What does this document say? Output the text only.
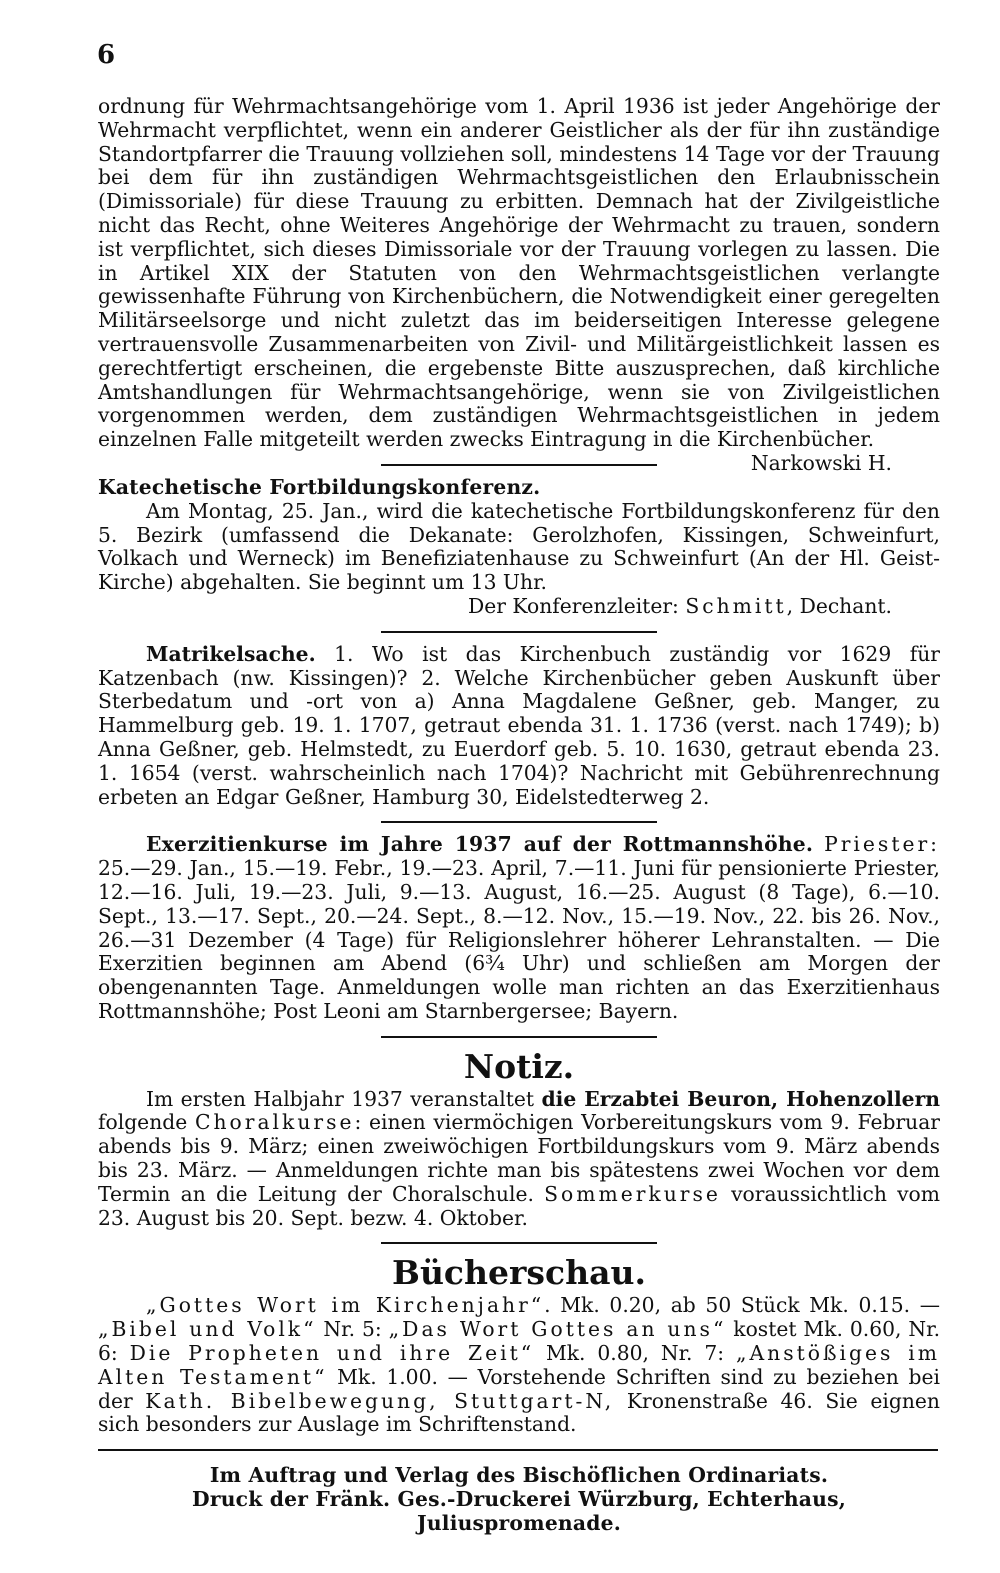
6

ordnung für Wehrmachtsangehörige vom 1. April 1936 ist jeder Angehörige der Wehrmacht verpflichtet, wenn ein anderer Geistlicher als der für ihn zuständige Standortpfarrer die Trauung vollziehen soll, mindestens 14 Tage vor der Trauung bei dem für ihn zuständigen Wehrmachtsgeistlichen den Erlaubnisschein (Dimissoriale) für diese Trauung zu erbitten. Demnach hat der Zivilgeistliche nicht das Recht, ohne Weiteres Angehörige der Wehrmacht zu trauen, sondern ist verpflichtet, sich dieses Dimissoriale vor der Trauung vorlegen zu lassen. Die in Artikel XIX der Statuten von den Wehrmachtsgeistlichen verlangte gewissenhafte Führung von Kirchenbüchern, die Notwendigkeit einer geregelten Militärseelsorge und nicht zuletzt das im beiderseitigen Interesse gelegene vertrauensvolle Zusammenarbeiten von Zivil- und Militärgeistlichkeit lassen es gerechtfertigt erscheinen, die ergebenste Bitte auszusprechen, daß kirchliche Amtshandlungen für Wehrmachtsangehörige, wenn sie von Zivilgeistlichen vorgenommen werden, dem zuständigen Wehrmachtsgeistlichen in jedem einzelnen Falle mitgeteilt werden zwecks Eintragung in die Kirchenbücher.
Narkowski H.

Katechetische Fortbildungskonferenz.

Am Montag, 25. Jan., wird die katechetische Fortbildungskonferenz für den 5. Bezirk (umfassend die Dekanate: Gerolzhofen, Kissingen, Schweinfurt, Volkach und Werneck) im Benefiziatenhause zu Schweinfurt (An der Hl. Geist-Kirche) abgehalten. Sie beginnt um 13 Uhr.

Der Konferenzleiter: Schmitt, Dechant.

Matrikelsache. 1. Wo ist das Kirchenbuch zuständig vor 1629 für Katzenbach (nw. Kissingen)? 2. Welche Kirchenbücher geben Auskunft über Sterbedatum und -ort von a) Anna Magdalene Geßner, geb. Manger, zu Hammelburg geb. 19. 1. 1707, getraut ebenda 31. 1. 1736 (verst. nach 1749); b) Anna Geßner, geb. Helmstedt, zu Euerdorf geb. 5. 10. 1630, getraut ebenda 23. 1. 1654 (verst. wahrscheinlich nach 1704)? Nachricht mit Gebührenrechnung erbeten an Edgar Geßner, Hamburg 30, Eidelstedterweg 2.

Exerzitienkurse im Jahre 1937 auf der Rottmannshöhe. Priester: 25.—29. Jan., 15.—19. Febr., 19.—23. April, 7.—11. Juni für pensionierte Priester, 12.—16. Juli, 19.—23. Juli, 9.—13. August, 16.—25. August (8 Tage), 6.—10. Sept., 13.—17. Sept., 20.—24. Sept., 8.—12. Nov., 15.—19. Nov., 22. bis 26. Nov., 26.—31 Dezember (4 Tage) für Religionslehrer höherer Lehranstalten. — Die Exerzitien beginnen am Abend (6¾ Uhr) und schließen am Morgen der obengenannten Tage. Anmeldungen wolle man richten an das Exerzitienhaus Rottmannshöhe; Post Leoni am Starnbergersee; Bayern.

Notiz.

Im ersten Halbjahr 1937 veranstaltet die Erzabtei Beuron, Hohenzollern folgende Choralkurse: einen viermöchigen Vorbereitungskurs vom 9. Februar abends bis 9. März; einen zweiwöchigen Fortbildungskurs vom 9. März abends bis 23. März. — Anmeldungen richte man bis spätestens zwei Wochen vor dem Termin an die Leitung der Choralschule. Sommerkurse voraussichtlich vom 23. August bis 20. Sept. bezw. 4. Oktober.

Bücherschau.

„Gottes Wort im Kirchenjahr“. Mk. 0.20, ab 50 Stück Mk. 0.15. — „Bibel und Volk“ Nr. 5: „Das Wort Gottes an uns“ kostet Mk. 0.60, Nr. 6: Die Propheten und ihre Zeit“ Mk. 0.80, Nr. 7: „Anstößiges im Alten Testament“ Mk. 1.00. — Vorstehende Schriften sind zu beziehen bei der Kath. Bibelbewegung, Stuttgart-N, Kronenstraße 46. Sie eignen sich besonders zur Auslage im Schriftenstand.

Im Auftrag und Verlag des Bischöflichen Ordinariats.
Druck der Fränk. Ges.-Druckerei Würzburg, Echterhaus, Juliuspromenade.
